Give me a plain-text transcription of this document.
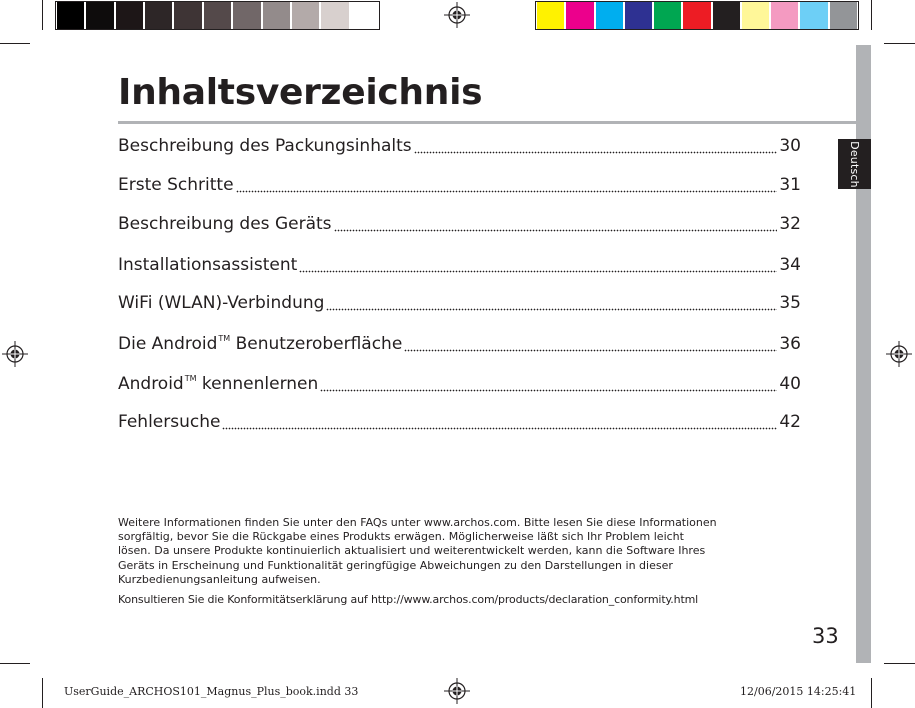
Deutsch
Inhaltsverzeichnis
Beschreibung des Packungsinhalts	30
Erste Schritte	31
Beschreibung des Geräts	32
Installationsassistent	34
WiFi (WLAN)-Verbindung	35
Die Android™ Benutzeroberfläche	36
Android™ kennenlernen	40
Fehlersuche	42
Weitere Informationen finden Sie unter den FAQs unter www.archos.com. Bitte lesen Sie diese Informationen
sorgfältig, bevor Sie die Rückgabe eines Produkts erwägen. Möglicherweise läßt sich Ihr Problem leicht
lösen. Da unsere Produkte kontinuierlich aktualisiert und weiterentwickelt werden, kann die Software Ihres
Geräts in Erscheinung und Funktionalität geringfügige Abweichungen zu den Darstellungen in dieser
Kurzbedienungsanleitung aufweisen.
Konsultieren Sie die Konformitätserklärung auf http://www.archos.com/products/declaration_conformity.html
33
UserGuide_ARCHOS101_Magnus_Plus_book.indd 33	12/06/2015 14:25:41
